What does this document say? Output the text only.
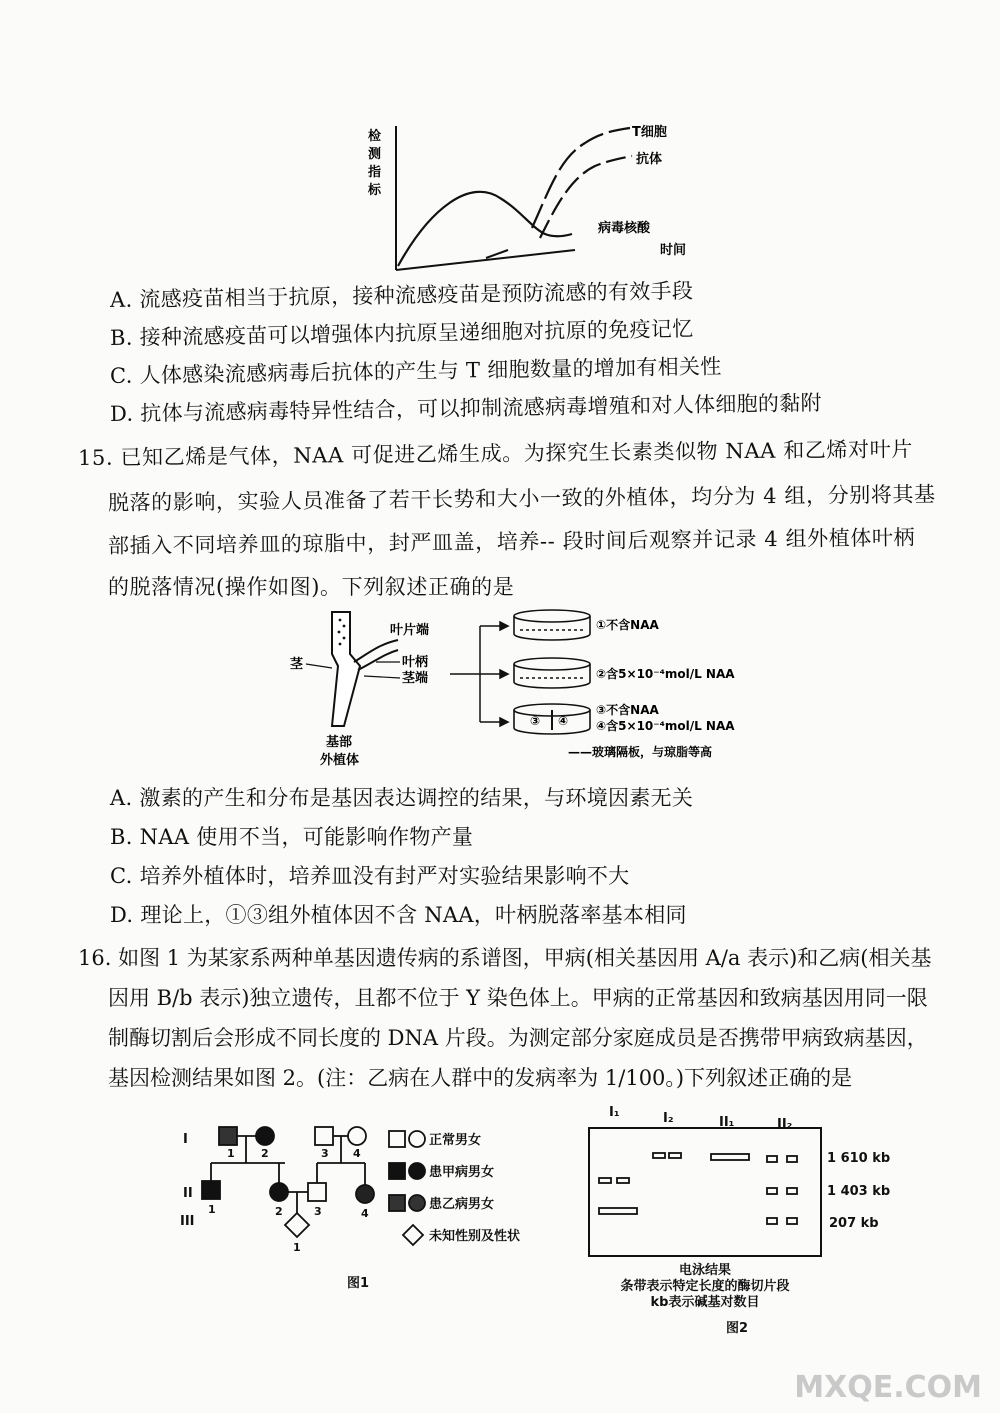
检
测
指
标
T细胞
抗体
病毒核酸
时间
A. 流感疫苗相当于抗原，接种流感疫苗是预防流感的有效手段
B. 接种流感疫苗可以增强体内抗原呈递细胞对抗原的免疫记忆
C. 人体感染流感病毒后抗体的产生与 T 细胞数量的增加有相关性
D. 抗体与流感病毒特异性结合，可以抑制流感病毒增殖和对人体细胞的黏附
15. 已知乙烯是气体，NAA 可促进乙烯生成。为探究生长素类似物 NAA 和乙烯对叶片
脱落的影响，实验人员准备了若干长势和大小一致的外植体，均分为 4 组，分别将其基
部插入不同培养皿的琼脂中，封严皿盖，培养-- 段时间后观察并记录 4 组外植体叶柄
的脱落情况(操作如图)。下列叙述正确的是
叶片端
叶柄
茎端
茎
基部
外植体
③ ④
①不含NAA
②含5×10⁻⁴mol/L NAA
③不含NAA
④含5×10⁻⁴mol/L NAA
——玻璃隔板，与琼脂等高
A. 激素的产生和分布是基因表达调控的结果，与环境因素无关
B. NAA 使用不当，可能影响作物产量
C. 培养外植体时，培养皿没有封严对实验结果影响不大
D. 理论上，①③组外植体因不含 NAA，叶柄脱落率基本相同
16. 如图 1 为某家系两种单基因遗传病的系谱图，甲病(相关基因用 A/a 表示)和乙病(相关基
因用 B/b 表示)独立遗传，且都不位于 Y 染色体上。甲病的正常基因和致病基因用同一限
制酶切割后会形成不同长度的 DNA 片段。为测定部分家庭成员是否携带甲病致病基因，
基因检测结果如图 2。(注：乙病在人群中的发病率为 1/100。)下列叙述正确的是
I
II
III
1 2	3 4
1	2	3	4
1
正常男女
患甲病男女
患乙病男女
未知性别及性状
图1
I₁	I₂	II₁	II₂
1 610 kb
1 403 kb
207 kb
电泳结果
条带表示特定长度的酶切片段
kb表示碱基对数目
图2
MXQE.COM
